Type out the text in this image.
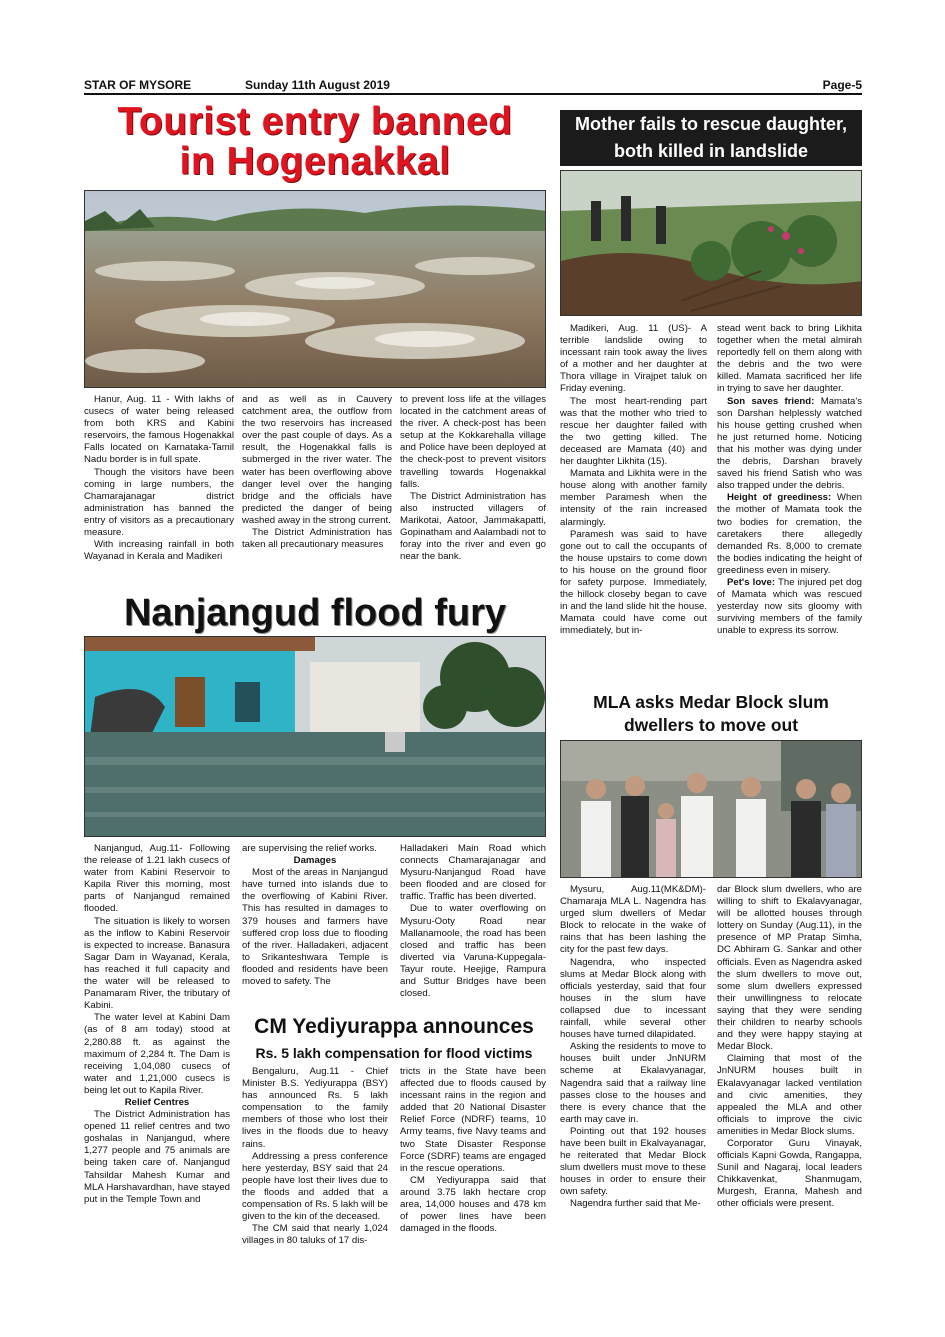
STAR OF MYSORE	Sunday 11th August 2019	Page-5
Tourist entry banned
in Hogenakkal

Hanur, Aug. 11 - With lakhs of cusecs of water being released from both KRS and Kabini reservoirs, the famous Hogenakkal Falls located on Karnataka-Tamil Nadu border is in full spate.

Though the visitors have been coming in large numbers, the Chamarajanagar district administration has banned the entry of visitors as a precautionary measure.

With increasing rainfall in both Wayanad in Kerala and Madikeri

and as well as in Cauvery catchment area, the outflow from the two reservoirs has increased over the past couple of days. As a result, the Hogenakkal falls is submerged in the river water. The water has been overflowing above danger level over the hanging bridge and the officials have predicted the danger of being washed away in the strong current.

The District Administration has taken all precautionary measures

to prevent loss life at the villages located in the catchment areas of the river. A check-post has been setup at the Kokkarehalla village and Police have been deployed at the check-post to prevent visitors travelling towards Hogenakkal falls.

The District Administration has also instructed villagers of Marikotai, Aatoor, Jammakapatti, Gopinatham and Aalambadi not to foray into the river and even go near the bank.

Mother fails to rescue daughter,
both killed in landslide

Madikeri, Aug. 11 (US)- A terrible landslide owing to incessant rain took away the lives of a mother and her daughter at Thora village in Virajpet taluk on Friday evening.

The most heart-rending part was that the mother who tried to rescue her daughter failed with the two getting killed. The deceased are Mamata (40) and her daughter Likhita (15).

Mamata and Likhita were in the house along with another family member Paramesh when the intensity of the rain increased alarmingly.

Paramesh was said to have gone out to call the occupants of the house upstairs to come down to his house on the ground floor for safety purpose. Immediately, the hillock closeby began to cave in and the land slide hit the house. Mamata could have come out immediately, but in-

stead went back to bring Likhita together when the metal almirah reportedly fell on them along with the debris and the two were killed. Mamata sacrificed her life in trying to save her daughter.

Son saves friend: Mamata's son Darshan helplessly watched his house getting crushed when he just returned home. Noticing that his mother was dying under the debris, Darshan bravely saved his friend Satish who was also trapped under the debris.

Height of greediness: When the mother of Mamata took the two bodies for cremation, the caretakers there allegedly demanded Rs. 8,000 to cremate the bodies indicating the height of greediness even in misery.

Pet's love: The injured pet dog of Mamata which was rescued yesterday now sits gloomy with surviving members of the family unable to express its sorrow.

Nanjangud flood fury

Nanjangud, Aug.11- Following the release of 1.21 lakh cusecs of water from Kabini Reservoir to Kapila River this morning, most parts of Nanjangud remained flooded.

The situation is likely to worsen as the inflow to Kabini Reservoir is expected to increase. Banasura Sagar Dam in Wayanad, Kerala, has reached it full capacity and the water will be released to Panamaram River, the tributary of Kabini.

The water level at Kabini Dam (as of 8 am today) stood at 2,280.88 ft. as against the maximum of 2,284 ft. The Dam is receiving 1,04,080 cusecs of water and 1,21,000 cusecs is being let out to Kapila River.

Relief Centres

The District Administration has opened 11 relief centres and two goshalas in Nanjangud, where 1,277 people and 75 animals are being taken care of. Nanjangud Tahsildar Mahesh Kumar and MLA Harshavardhan, have stayed put in the Temple Town and

are supervising the relief works.

Damages

Most of the areas in Nanjangud have turned into islands due to the overflowing of Kabini River. This has resulted in damages to 379 houses and farmers have suffered crop loss due to flooding of the river. Halladakeri, adjacent to Srikanteshwara Temple is flooded and residents have been moved to safety. The

Halladakeri Main Road which connects Chamarajanagar and Mysuru-Nanjangud Road have been flooded and are closed for traffic. Traffic has been diverted.

Due to water overflowing on Mysuru-Ooty Road near Mallanamoole, the road has been closed and traffic has been diverted via Varuna-Kuppegala-Tayur route. Heejige, Rampura and Suttur Bridges have been closed.

CM Yediyurappa announces
Rs. 5 lakh compensation for flood victims

Bengaluru, Aug.11 - Chief Minister B.S. Yediyurappa (BSY) has announced Rs. 5 lakh compensation to the family members of those who lost their lives in the floods due to heavy rains.

Addressing a press conference here yesterday, BSY said that 24 people have lost their lives due to the floods and added that a compensation of Rs. 5 lakh will be given to the kin of the deceased.

The CM said that nearly 1,024 villages in 80 taluks of 17 dis-

tricts in the State have been affected due to floods caused by incessant rains in the region and added that 20 National Disaster Relief Force (NDRF) teams, 10 Army teams, five Navy teams and two State Disaster Response Force (SDRF) teams are engaged in the rescue operations.

CM Yediyurappa said that around 3.75 lakh hectare crop area, 14,000 houses and 478 km of power lines have been damaged in the floods.

MLA asks Medar Block slum
dwellers to move out

Mysuru, Aug.11(MK&DM)- Chamaraja MLA L. Nagendra has urged slum dwellers of Medar Block to relocate in the wake of rains that has been lashing the city for the past few days.

Nagendra, who inspected slums at Medar Block along with officials yesterday, said that four houses in the slum have collapsed due to incessant rainfall, while several other houses have turned dilapidated.

Asking the residents to move to houses built under JnNURM scheme at Ekalavyanagar, Nagendra said that a railway line passes close to the houses and there is every chance that the earth may cave in.

Pointing out that 192 houses have been built in Ekalvayanagar, he reiterated that Medar Block slum dwellers must move to these houses in order to ensure their own safety.

Nagendra further said that Me-

dar Block slum dwellers, who are willing to shift to Ekalavyanagar, will be allotted houses through lottery on Sunday (Aug.11), in the presence of MP Pratap Simha, DC Abhiram G. Sankar and other officials. Even as Nagendra asked the slum dwellers to move out, some slum dwellers expressed their unwillingness to relocate saying that they were sending their children to nearby schools and they were happy staying at Medar Block.

Claiming that most of the JnNURM houses built in Ekalavyanagar lacked ventilation and civic amenities, they appealed the MLA and other officials to improve the civic amenities in Medar Block slums.

Corporator Guru Vinayak, officials Kapni Gowda, Rangappa, Sunil and Nagaraj, local leaders Chikkavenkat, Shanmugam, Murgesh, Eranna, Mahesh and other officials were present.
